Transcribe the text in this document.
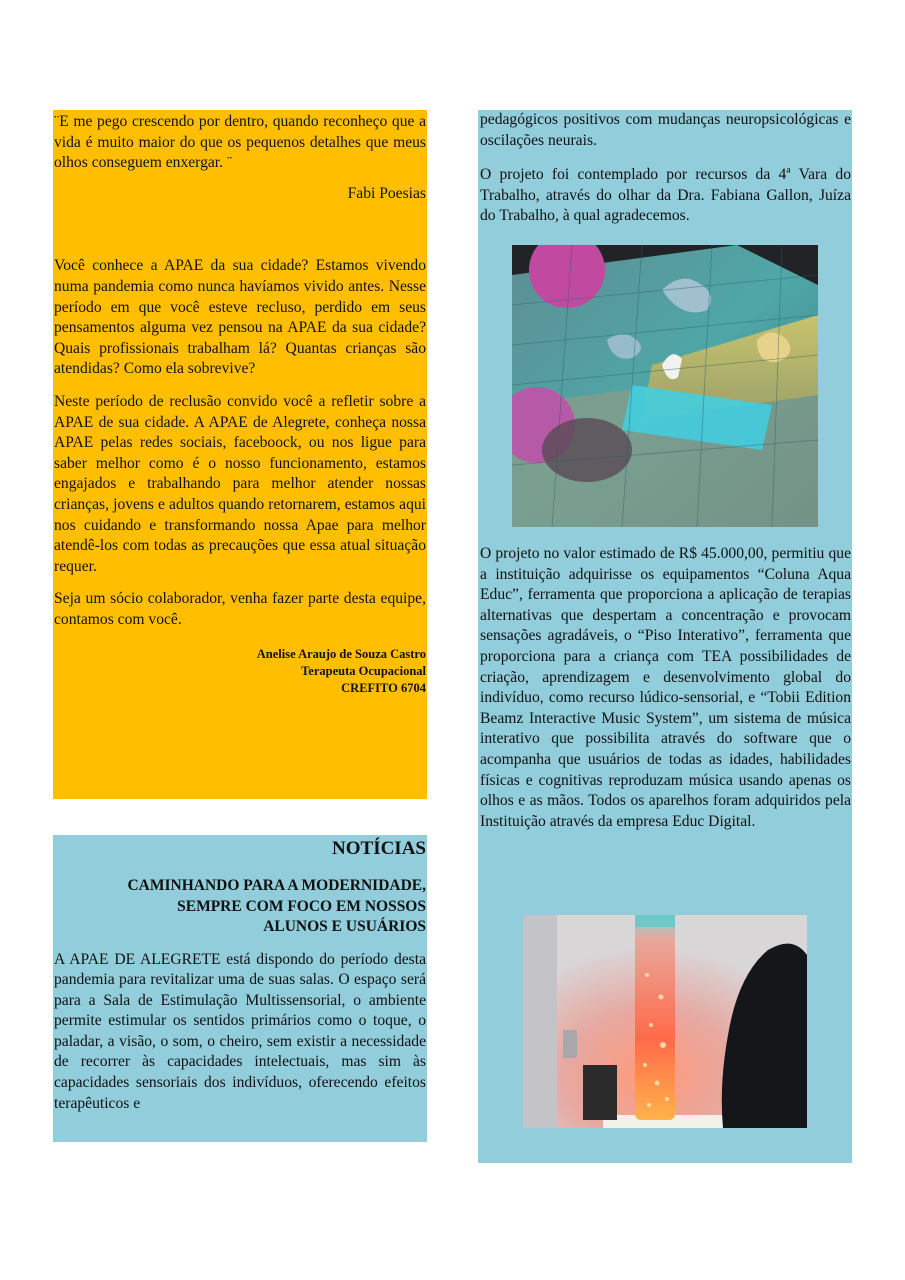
¨E me pego crescendo por dentro, quando reconheço que a vida é muito maior do que os pequenos detalhes que meus olhos conseguem enxergar. ¨

Fabi Poesias

Você conhece a APAE da sua cidade? Estamos vivendo numa pandemia como nunca havíamos vivido antes. Nesse período em que você esteve recluso, perdido em seus pensamentos alguma vez pensou na APAE da sua cidade? Quais profissionais trabalham lá? Quantas crianças são atendidas? Como ela sobrevive?

Neste período de reclusão convido você a refletir sobre a APAE de sua cidade. A APAE de Alegrete, conheça nossa APAE pelas redes sociais, faceboock, ou nos ligue para saber melhor como é o nosso funcionamento, estamos engajados e trabalhando para melhor atender nossas crianças, jovens e adultos quando retornarem, estamos aqui nos cuidando e transformando nossa Apae para melhor atendê-los com todas as precauções que essa atual situação requer.

Seja um sócio colaborador, venha fazer parte desta equipe, contamos com você.

Anelise Araujo de Souza Castro

Terapeuta Ocupacional

CREFITO 6704

NOTÍCIAS

CAMINHANDO PARA A MODERNIDADE,

SEMPRE COM FOCO EM NOSSOS

ALUNOS E USUÁRIOS

A APAE DE ALEGRETE está dispondo do período desta pandemia para revitalizar uma de suas salas. O espaço será para a Sala de Estimulação Multissensorial, o ambiente permite estimular os sentidos primários como o toque, o paladar, a visão, o som, o cheiro, sem existir a necessidade de recorrer às capacidades intelectuais, mas sim às capacidades sensoriais dos indivíduos, oferecendo efeitos terapêuticos e

pedagógicos positivos com mudanças neuropsicológicas e oscilações neurais.

O projeto foi contemplado por recursos da 4ª Vara do Trabalho, através do olhar da Dra. Fabiana Gallon, Juíza do Trabalho, à qual agradecemos.

O projeto no valor estimado de R$ 45.000,00, permitiu que a instituição adquirisse os equipamentos “Coluna Aqua Educ”, ferramenta que proporciona a aplicação de terapias alternativas que despertam a concentração e provocam sensações agradáveis, o “Piso Interativo”, ferramenta que proporciona para a criança com TEA possibilidades de criação, aprendizagem e desenvolvimento global do indivíduo, como recurso lúdico-sensorial, e “Tobii Edition Beamz Interactive Music System”, um sistema de música interativo que possibilita através do software que o acompanha que usuários de todas as idades, habilidades físicas e cognitivas reproduzam música usando apenas os olhos e as mãos. Todos os aparelhos foram adquiridos pela Instituição através da empresa Educ Digital.
